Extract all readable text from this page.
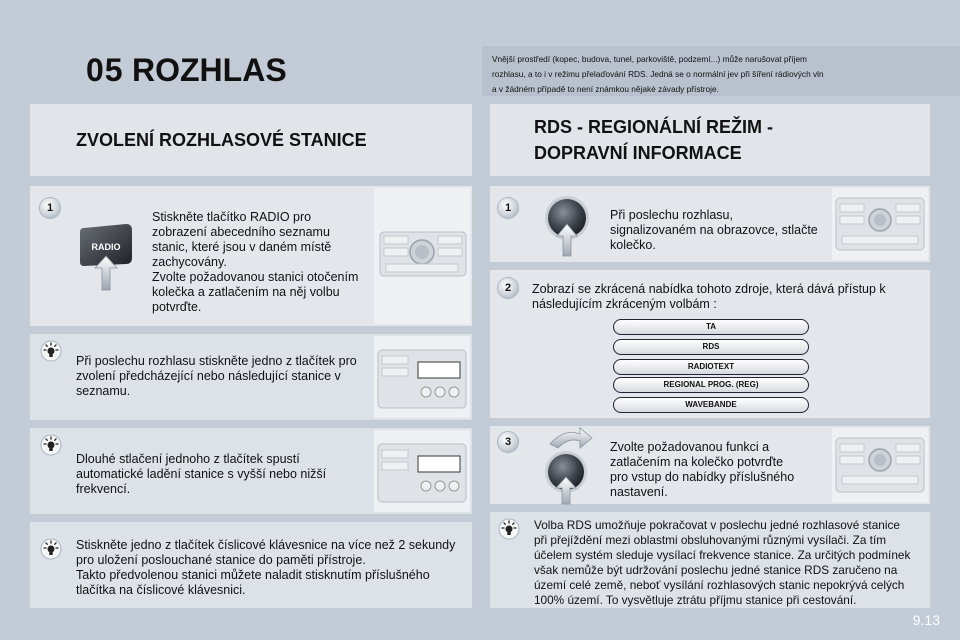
05 ROZHLAS	Vnější prostředí (kopec, budova, tunel, parkoviště, podzemí...) může narušovat příjem
rozhlasu, a to i v režimu přelaďování RDS. Jedná se o normální jev při šíření rádiových vln
a v žádném případě to není známkou nějaké závady přístroje.

ZVOLENÍ ROZHLASOVÉ STANICE
RDS - REGIONÁLNÍ REŽIM -
DOPRAVNÍ INFORMACE
1
RADIO
Stiskněte tlačítko RADIO pro
zobrazení abecedního seznamu
stanic, které jsou v daném místě
zachycovány.
Zvolte požadovanou stanici otočením
kolečka a zatlačením na něj volbu
potvrďte.
Při poslechu rozhlasu stiskněte jedno z tlačítek pro
zvolení předcházející nebo následující stanice v
seznamu.
Dlouhé stlačení jednoho z tlačítek spustí
automatické ladění stanice s vyšší nebo nižší
frekvencí.
Stiskněte jedno z tlačítek číslicové klávesnice na více než 2 sekundy
pro uložení poslouchané stanice do paměti přístroje.
Takto předvolenou stanici můžete naladit stisknutím příslušného
tlačítka na číslicové klávesnici.
1	Při poslechu rozhlasu,
signalizovaném na obrazovce, stlačte
kolečko.
2	Zobrazí se zkrácená nabídka tohoto zdroje, která dává přístup k
následujícím zkráceným volbám :
TA
RDS
RADIOTEXT
REGIONAL PROG. (REG)
WAVEBANDE
3	Zvolte požadovanou funkci a
zatlačením na kolečko potvrďte
pro vstup do nabídky příslušného
nastavení.
Volba RDS umožňuje pokračovat v poslechu jedné rozhlasové stanice
při přejíždění mezi oblastmi obsluhovanými různými vysílači. Za tím
účelem systém sleduje vysílací frekvence stanice. Za určitých podmínek
však nemůže být udržování poslechu jedné stanice RDS zaručeno na
území celé země, neboť vysílání rozhlasových stanic nepokrývá celých
100% území. To vysvětluje ztrátu příjmu stanice při cestování.
9.13
